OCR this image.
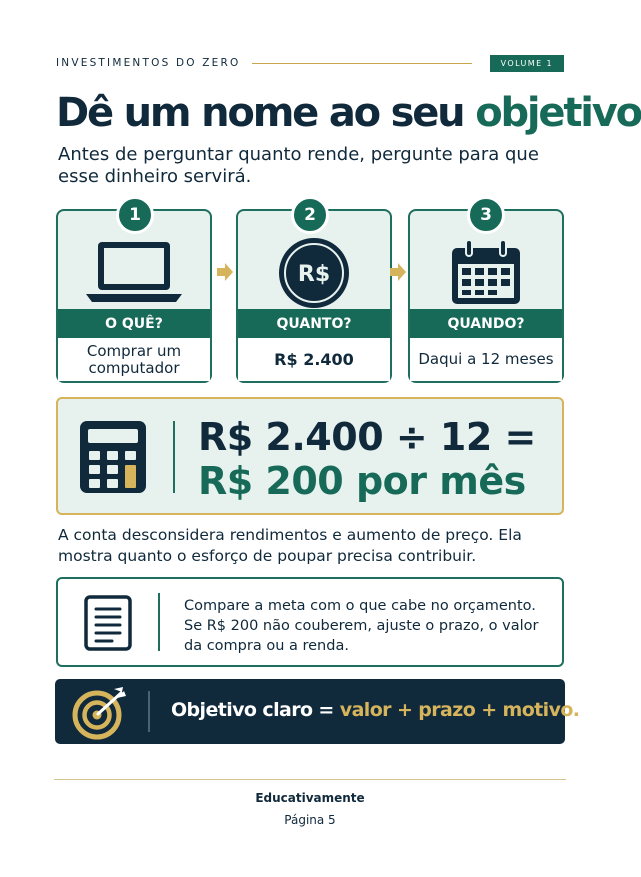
INVESTIMENTOS DO ZERO	VOLUME 1
Dê um nome ao seu objetivo
Antes de perguntar quanto rende, pergunte para que esse dinheiro servirá.
O QUÊ?
Comprar um computador
1
R$
QUANTO?
R$ 2.400
2
QUANDO?
Daqui a 12 meses
3
R$ 2.400 ÷ 12 =
R$ 200 por mês
A conta desconsidera rendimentos e aumento de preço. Ela mostra quanto o esforço de poupar precisa contribuir.
Compare a meta com o que cabe no orçamento. Se R$ 200 não couberem, ajuste o prazo, o valor da compra ou a renda.
Objetivo claro = valor + prazo + motivo.
Educativamente
Página 5
